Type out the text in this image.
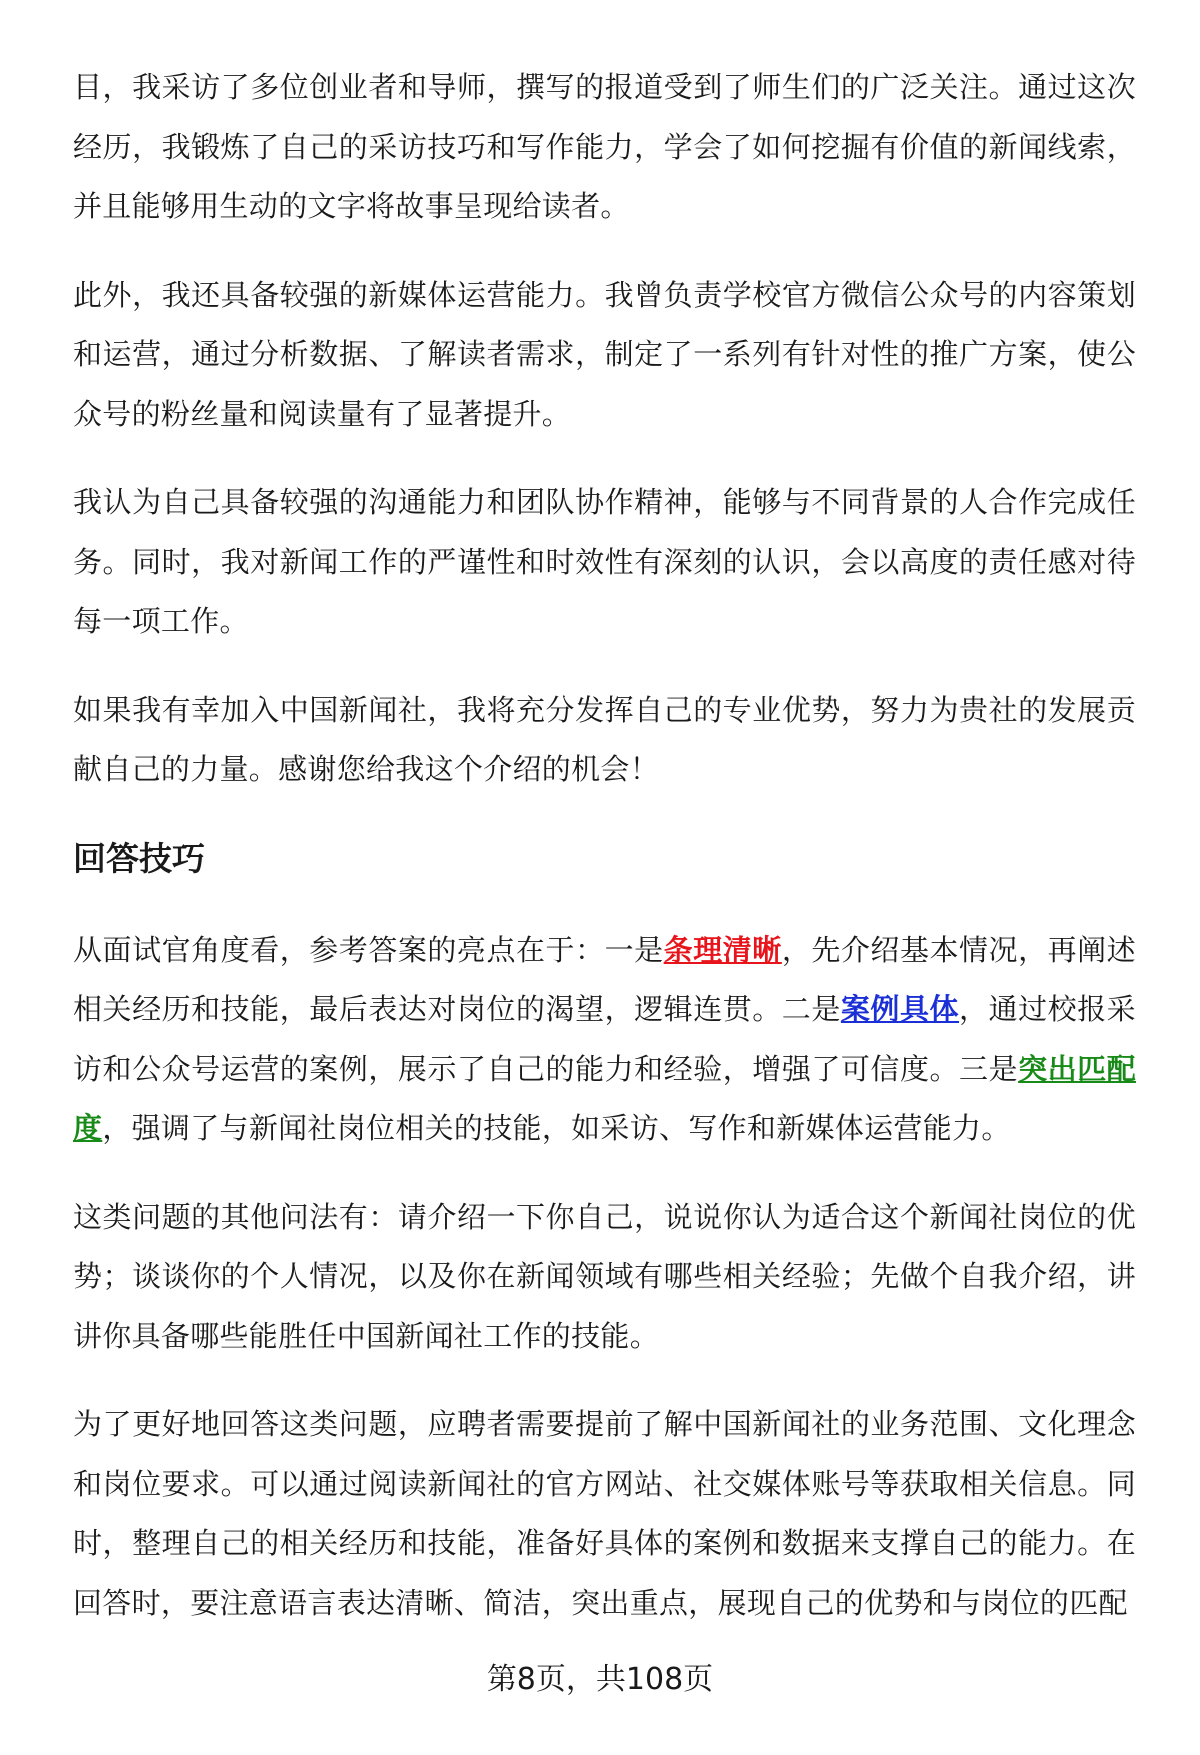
目，我采访了多位创业者和导师，撰写的报道受到了师生们的广泛关注。通过这次经历，我锻炼了自己的采访技巧和写作能力，学会了如何挖掘有价值的新闻线索，并且能够用生动的文字将故事呈现给读者。

此外，我还具备较强的新媒体运营能力。我曾负责学校官方微信公众号的内容策划和运营，通过分析数据、了解读者需求，制定了一系列有针对性的推广方案，使公众号的粉丝量和阅读量有了显著提升。

我认为自己具备较强的沟通能力和团队协作精神，能够与不同背景的人合作完成任务。同时，我对新闻工作的严谨性和时效性有深刻的认识，会以高度的责任感对待每一项工作。

如果我有幸加入中国新闻社，我将充分发挥自己的专业优势，努力为贵社的发展贡献自己的力量。感谢您给我这个介绍的机会！

回答技巧

从面试官角度看，参考答案的亮点在于：一是条理清晰，先介绍基本情况，再阐述相关经历和技能，最后表达对岗位的渴望，逻辑连贯。二是案例具体，通过校报采访和公众号运营的案例，展示了自己的能力和经验，增强了可信度。三是突出匹配度，强调了与新闻社岗位相关的技能，如采访、写作和新媒体运营能力。

这类问题的其他问法有：请介绍一下你自己，说说你认为适合这个新闻社岗位的优势；谈谈你的个人情况，以及你在新闻领域有哪些相关经验；先做个自我介绍，讲讲你具备哪些能胜任中国新闻社工作的技能。

为了更好地回答这类问题，应聘者需要提前了解中国新闻社的业务范围、文化理念和岗位要求。可以通过阅读新闻社的官方网站、社交媒体账号等获取相关信息。同时，整理自己的相关经历和技能，准备好具体的案例和数据来支撑自己的能力。在回答时，要注意语言表达清晰、简洁，突出重点，展现自己的优势和与岗位的匹配

第8页，共108页
